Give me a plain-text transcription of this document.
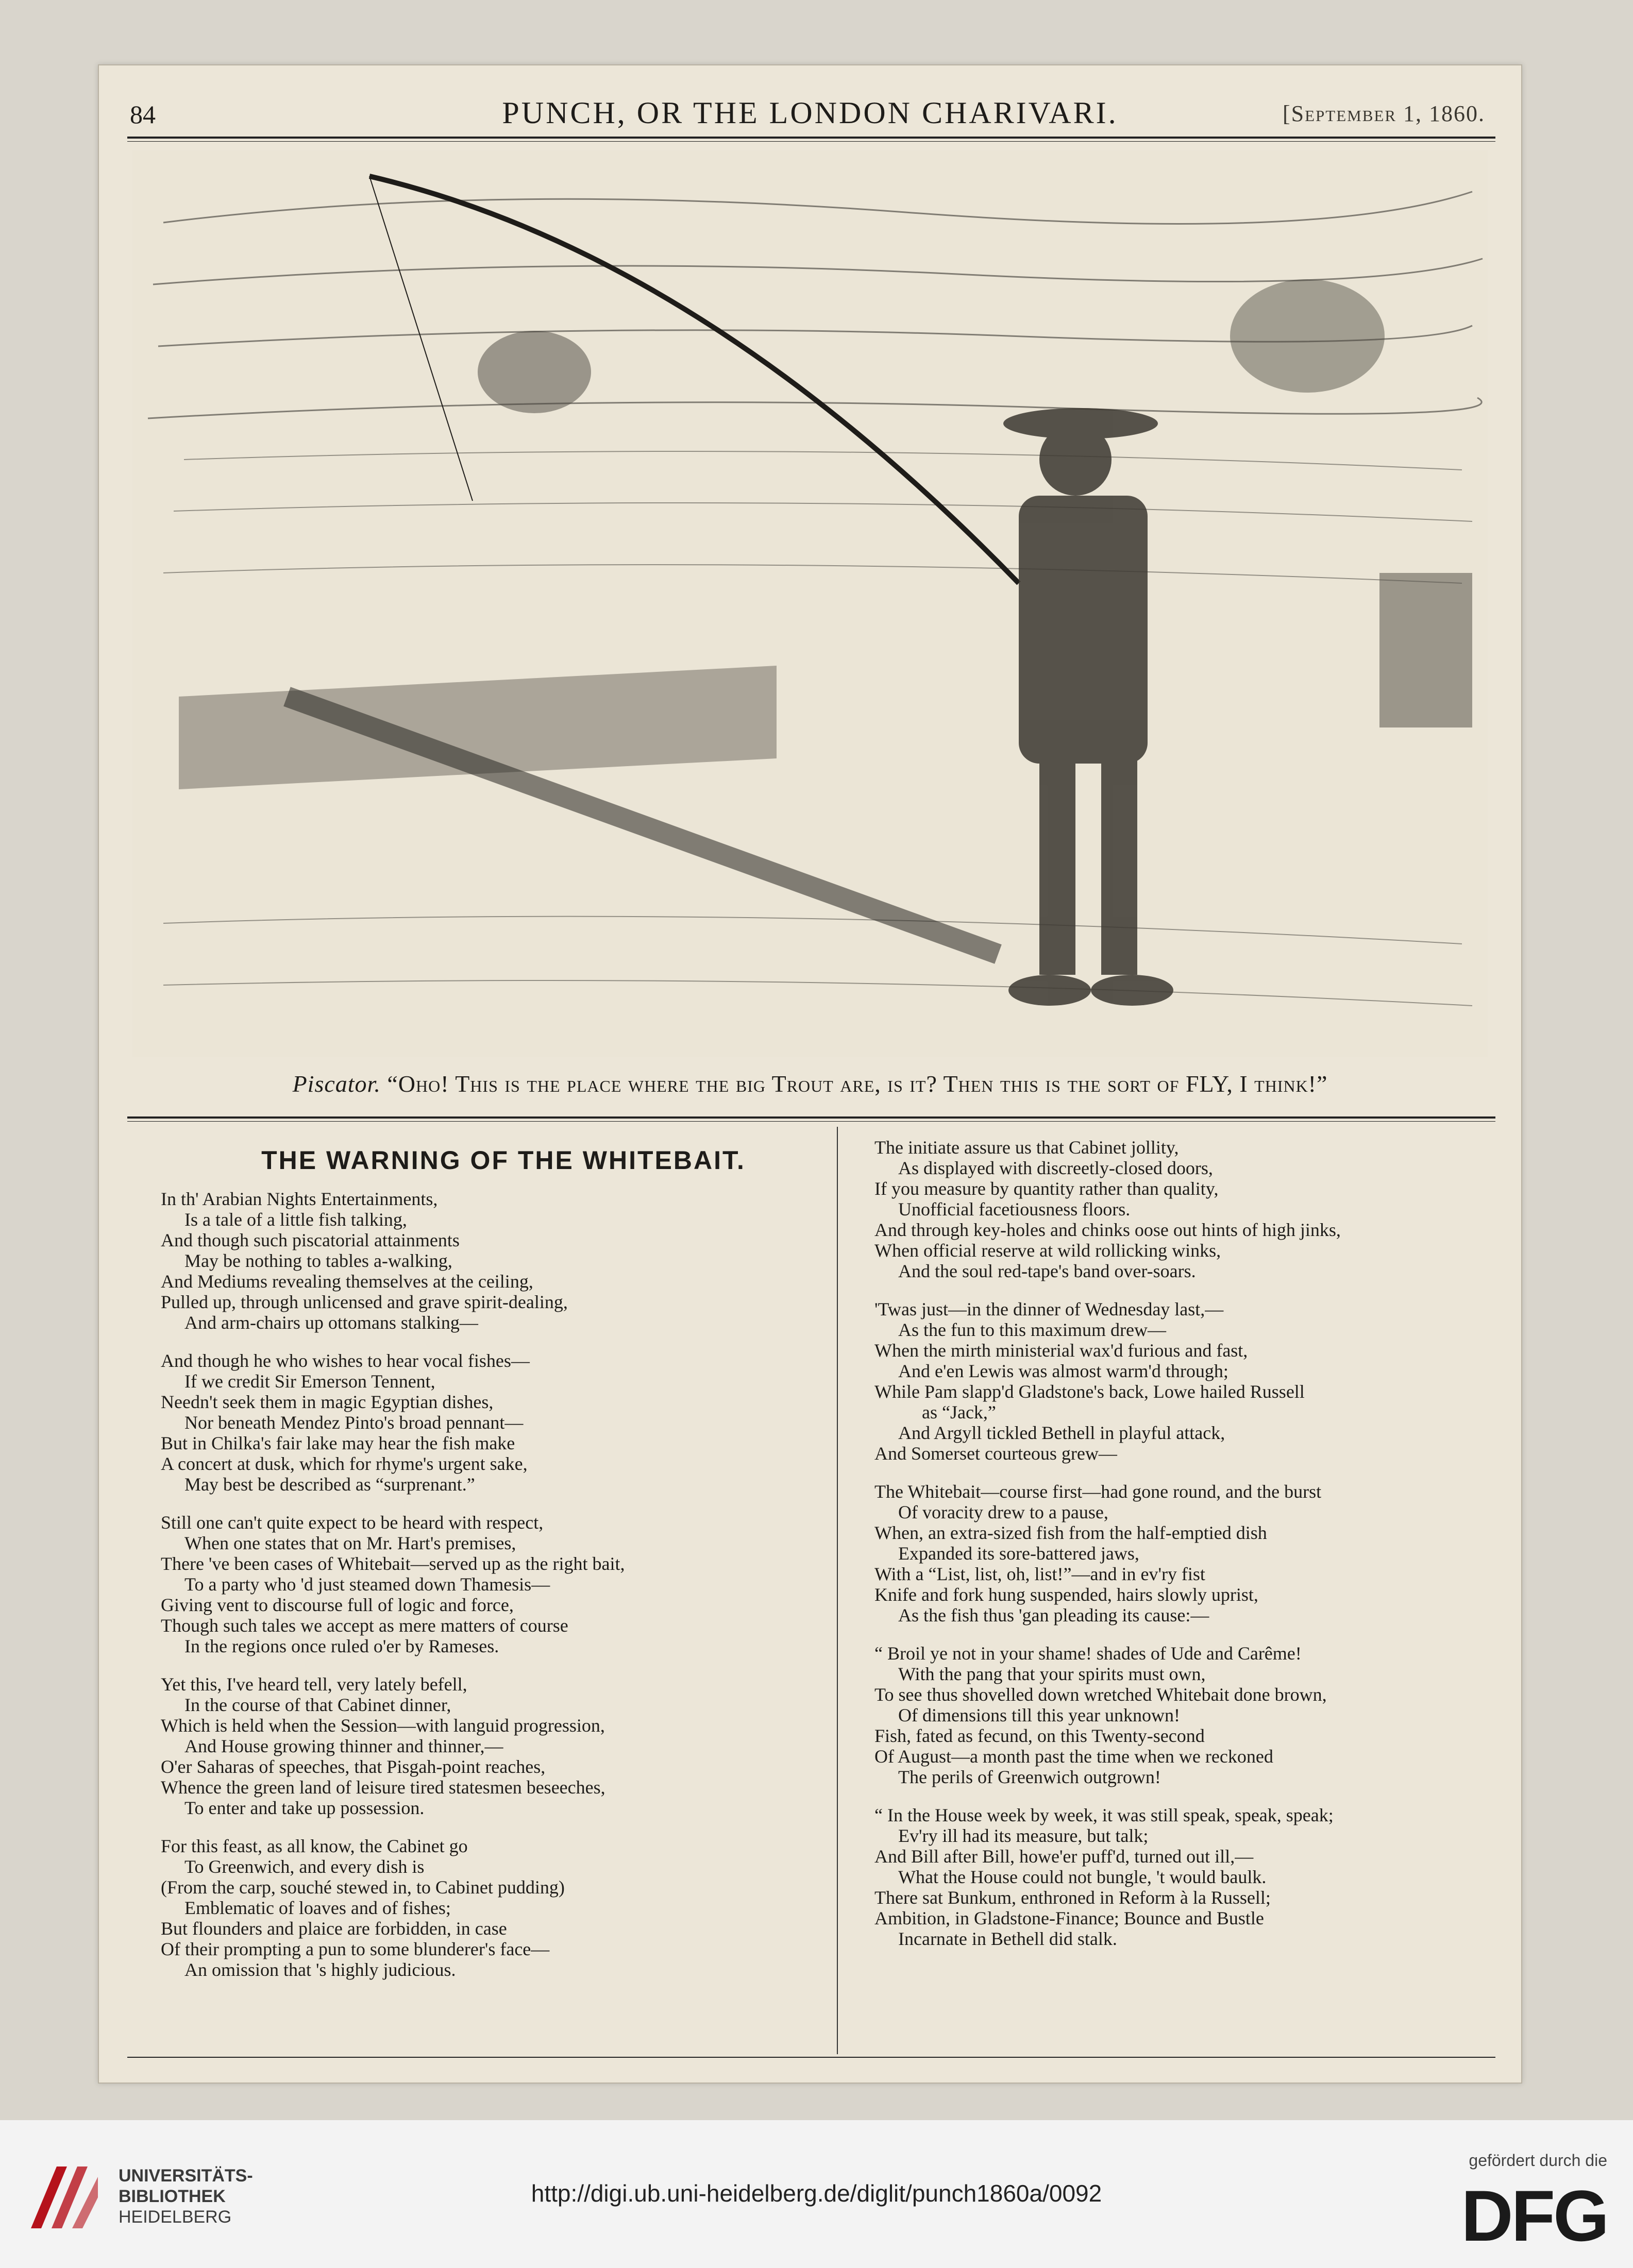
84	PUNCH, OR THE LONDON CHARIVARI.	[September 1, 1860.
Piscator. “Oho! This is the place where the big Trout are, is it? Then this is the sort of FLY, I think!”
THE WARNING OF THE WHITEBAIT.
In th' Arabian Nights Entertainments,
Is a tale of a little fish talking,
And though such piscatorial attainments
May be nothing to tables a-walking,
And Mediums revealing themselves at the ceiling,
Pulled up, through unlicensed and grave spirit-dealing,
And arm-chairs up ottomans stalking—
And though he who wishes to hear vocal fishes—
If we credit Sir Emerson Tennent,
Needn't seek them in magic Egyptian dishes,
Nor beneath Mendez Pinto's broad pennant—
But in Chilka's fair lake may hear the fish make
A concert at dusk, which for rhyme's urgent sake,
May best be described as “surprenant.”
Still one can't quite expect to be heard with respect,
When one states that on Mr. Hart's premises,
There 've been cases of Whitebait—served up as the right bait,
To a party who 'd just steamed down Thamesis—
Giving vent to discourse full of logic and force,
Though such tales we accept as mere matters of course
In the regions once ruled o'er by Rameses.
Yet this, I've heard tell, very lately befell,
In the course of that Cabinet dinner,
Which is held when the Session—with languid progression,
And House growing thinner and thinner,—
O'er Saharas of speeches, that Pisgah-point reaches,
Whence the green land of leisure tired statesmen beseeches,
To enter and take up possession.
For this feast, as all know, the Cabinet go
To Greenwich, and every dish is
(From the carp, souché stewed in, to Cabinet pudding)
Emblematic of loaves and of fishes;
But flounders and plaice are forbidden, in case
Of their prompting a pun to some blunderer's face—
An omission that 's highly judicious.
The initiate assure us that Cabinet jollity,
As displayed with discreetly-closed doors,
If you measure by quantity rather than quality,
Unofficial facetiousness floors.
And through key-holes and chinks oose out hints of high jinks,
When official reserve at wild rollicking winks,
And the soul red-tape's band over-soars.
'Twas just—in the dinner of Wednesday last,—
As the fun to this maximum drew—
When the mirth ministerial wax'd furious and fast,
And e'en Lewis was almost warm'd through;
While Pam slapp'd Gladstone's back, Lowe hailed Russell
as “Jack,”
And Argyll tickled Bethell in playful attack,
And Somerset courteous grew—
The Whitebait—course first—had gone round, and the burst
Of voracity drew to a pause,
When, an extra-sized fish from the half-emptied dish
Expanded its sore-battered jaws,
With a “List, list, oh, list!”—and in ev'ry fist
Knife and fork hung suspended, hairs slowly uprist,
As the fish thus 'gan pleading its cause:—
“ Broil ye not in your shame! shades of Ude and Carême!
With the pang that your spirits must own,
To see thus shovelled down wretched Whitebait done brown,
Of dimensions till this year unknown!
Fish, fated as fecund, on this Twenty-second
Of August—a month past the time when we reckoned
The perils of Greenwich outgrown!
“ In the House week by week, it was still speak, speak, speak;
Ev'ry ill had its measure, but talk;
And Bill after Bill, howe'er puff'd, turned out ill,—
What the House could not bungle, 't would baulk.
There sat Bunkum, enthroned in Reform à la Russell;
Ambition, in Gladstone-Finance; Bounce and Bustle
Incarnate in Bethell did stalk.
UNIVERSITÄTS-
BIBLIOTHEK
HEIDELBERG
http://digi.ub.uni-heidelberg.de/diglit/punch1860a/0092
gefördert durch die
DFG
